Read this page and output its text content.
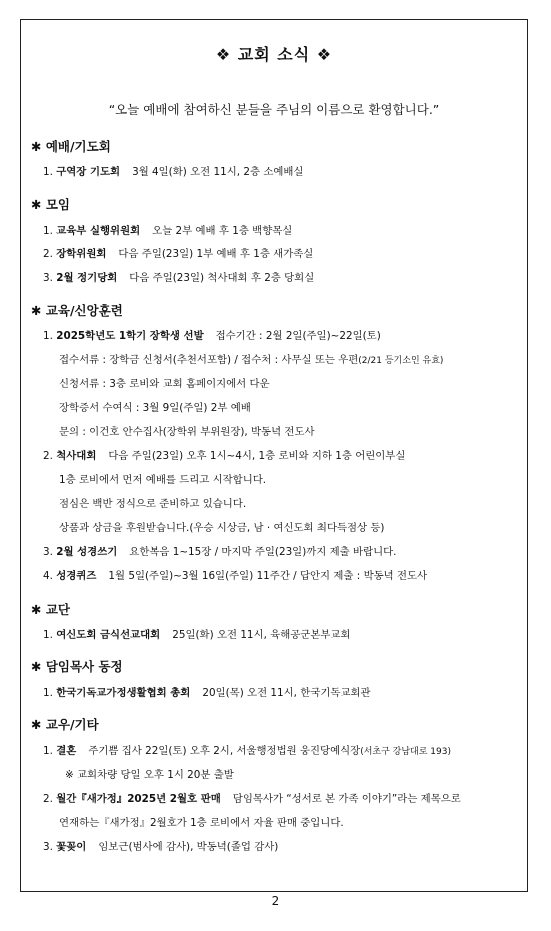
❖ 교회 소식 ❖
“오늘 예배에 참여하신 분들을 주님의 이름으로 환영합니다.”
✱ 예배/기도회
1. 구역장 기도회 3월 4일(화) 오전 11시, 2층 소예배실
✱ 모임
1. 교육부 실행위원회 오늘 2부 예배 후 1층 백향목실
2. 장학위원회 다음 주일(23일) 1부 예배 후 1층 새가족실
3. 2월 정기당회 다음 주일(23일) 척사대회 후 2층 당회실
✱ 교육/신앙훈련
1. 2025학년도 1학기 장학생 선발 접수기간 : 2월 2일(주일)~22일(토)
접수서류 : 장학금 신청서(추천서포함) / 접수처 : 사무실 또는 우편(2/21 등기소인 유효)
신청서류 : 3층 로비와 교회 홈페이지에서 다운
장학증서 수여식 : 3월 9일(주일) 2부 예배
문의 : 이건호 안수집사(장학위 부위원장), 박동녁 전도사
2. 척사대회 다음 주일(23일) 오후 1시~4시, 1층 로비와 지하 1층 어린이부실
1층 로비에서 먼저 예배를 드리고 시작합니다.
점심은 백반 정식으로 준비하고 있습니다.
상품과 상금을 후원받습니다.(우승 시상금, 남 · 여신도회 최다득점상 등)
3. 2월 성경쓰기 요한복음 1~15장 / 마지막 주일(23일)까지 제출 바랍니다.
4. 성경퀴즈 1월 5일(주일)~3월 16일(주일) 11주간 / 답안지 제출 : 박동녁 전도사
✱ 교단
1. 여신도회 금식선교대회 25일(화) 오전 11시, 육해공군본부교회
✱ 담임목사 동정
1. 한국기독교가정생활협회 총회 20일(목) 오전 11시, 한국기독교회관
✱ 교우/기타
1. 결혼 주기쁨 집사 22일(토) 오후 2시, 서울행정법원 웅진당예식장(서초구 강남대로 193)
※ 교회차량 당일 오후 1시 20분 출발
2. 월간『새가정』2025년 2월호 판매 담임목사가 “성서로 본 가족 이야기”라는 제목으로
연재하는『새가정』2월호가 1층 로비에서 자율 판매 중입니다.
3. 꽃꽂이 임보근(범사에 감사), 박동녁(졸업 감사)
2
